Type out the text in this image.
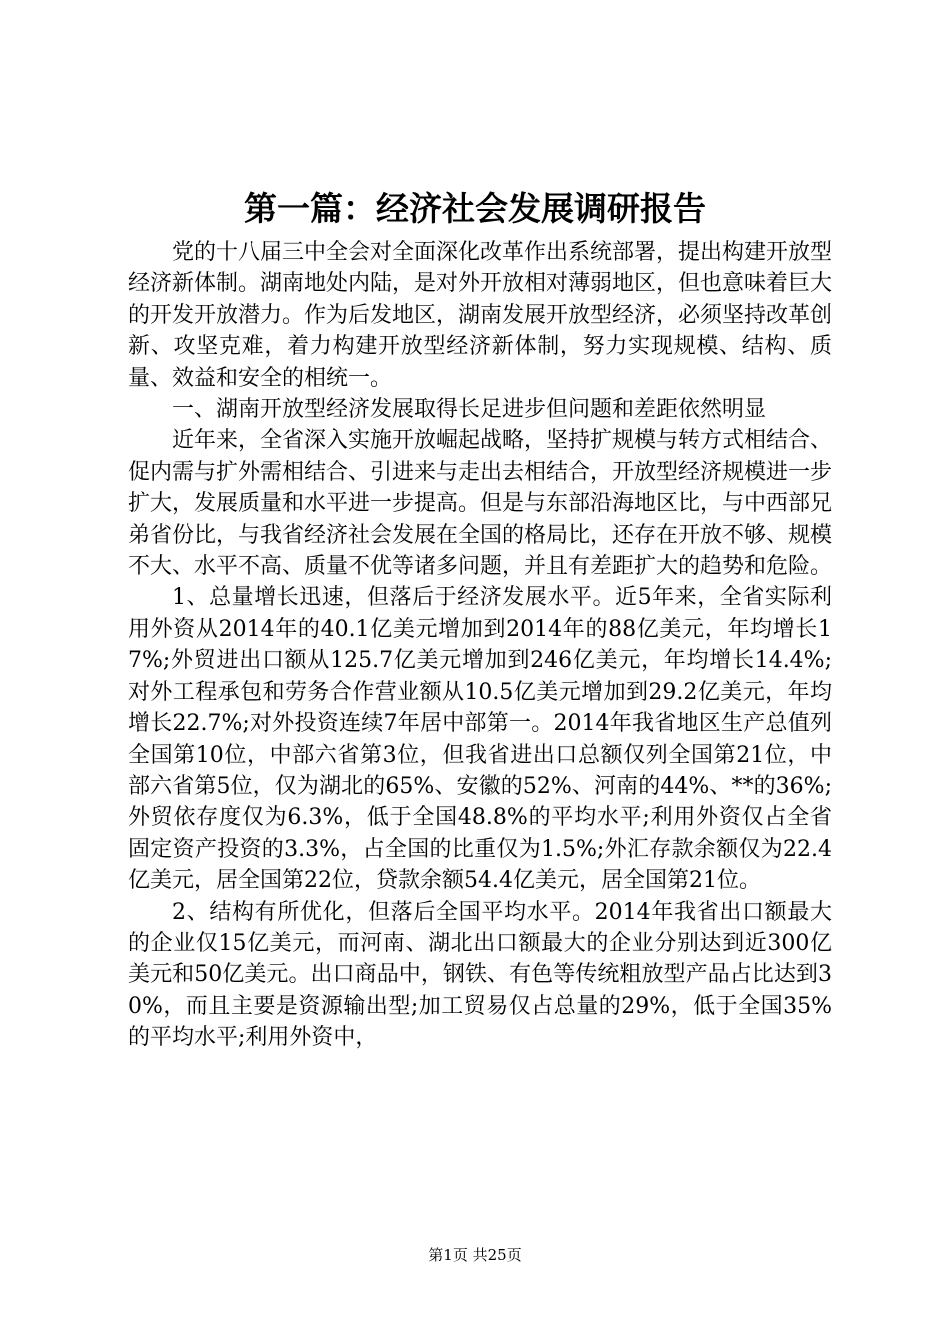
第一篇：经济社会发展调研报告

党的十八届三中全会对全面深化改革作出系统部署，提出构建开放型经济新体制。湖南地处内陆，是对外开放相对薄弱地区，但也意味着巨大的开发开放潜力。作为后发地区，湖南发展开放型经济，必须坚持改革创新、攻坚克难，着力构建开放型经济新体制，努力实现规模、结构、质量、效益和安全的相统一。

一、湖南开放型经济发展取得长足进步但问题和差距依然明显

近年来，全省深入实施开放崛起战略，坚持扩规模与转方式相结合、促内需与扩外需相结合、引进来与走出去相结合，开放型经济规模进一步扩大，发展质量和水平进一步提高。但是与东部沿海地区比，与中西部兄弟省份比，与我省经济社会发展在全国的格局比，还存在开放不够、规模不大、水平不高、质量不优等诸多问题，并且有差距扩大的趋势和危险。

1、总量增长迅速，但落后于经济发展水平。近5年来，全省实际利用外资从2014年的40.1亿美元增加到2014年的88亿美元，年均增长17%;外贸进出口额从125.7亿美元增加到246亿美元，年均增长14.4%;对外工程承包和劳务合作营业额从10.5亿美元增加到29.2亿美元，年均增长22.7%;对外投资连续7年居中部第一。2014年我省地区生产总值列全国第10位，中部六省第3位，但我省进出口总额仅列全国第21位，中部六省第5位，仅为湖北的65%、安徽的52%、河南的44%、**的36%;外贸依存度仅为6.3%，低于全国48.8%的平均水平;利用外资仅占全省固定资产投资的3.3%，占全国的比重仅为1.5%;外汇存款余额仅为22.4亿美元，居全国第22位，贷款余额54.4亿美元，居全国第21位。

2、结构有所优化，但落后全国平均水平。2014年我省出口额最大的企业仅15亿美元，而河南、湖北出口额最大的企业分别达到近300亿美元和50亿美元。出口商品中，钢铁、有色等传统粗放型产品占比达到30%，而且主要是资源输出型;加工贸易仅占总量的29%，低于全国35%的平均水平;利用外资中，

第1页 共25页
